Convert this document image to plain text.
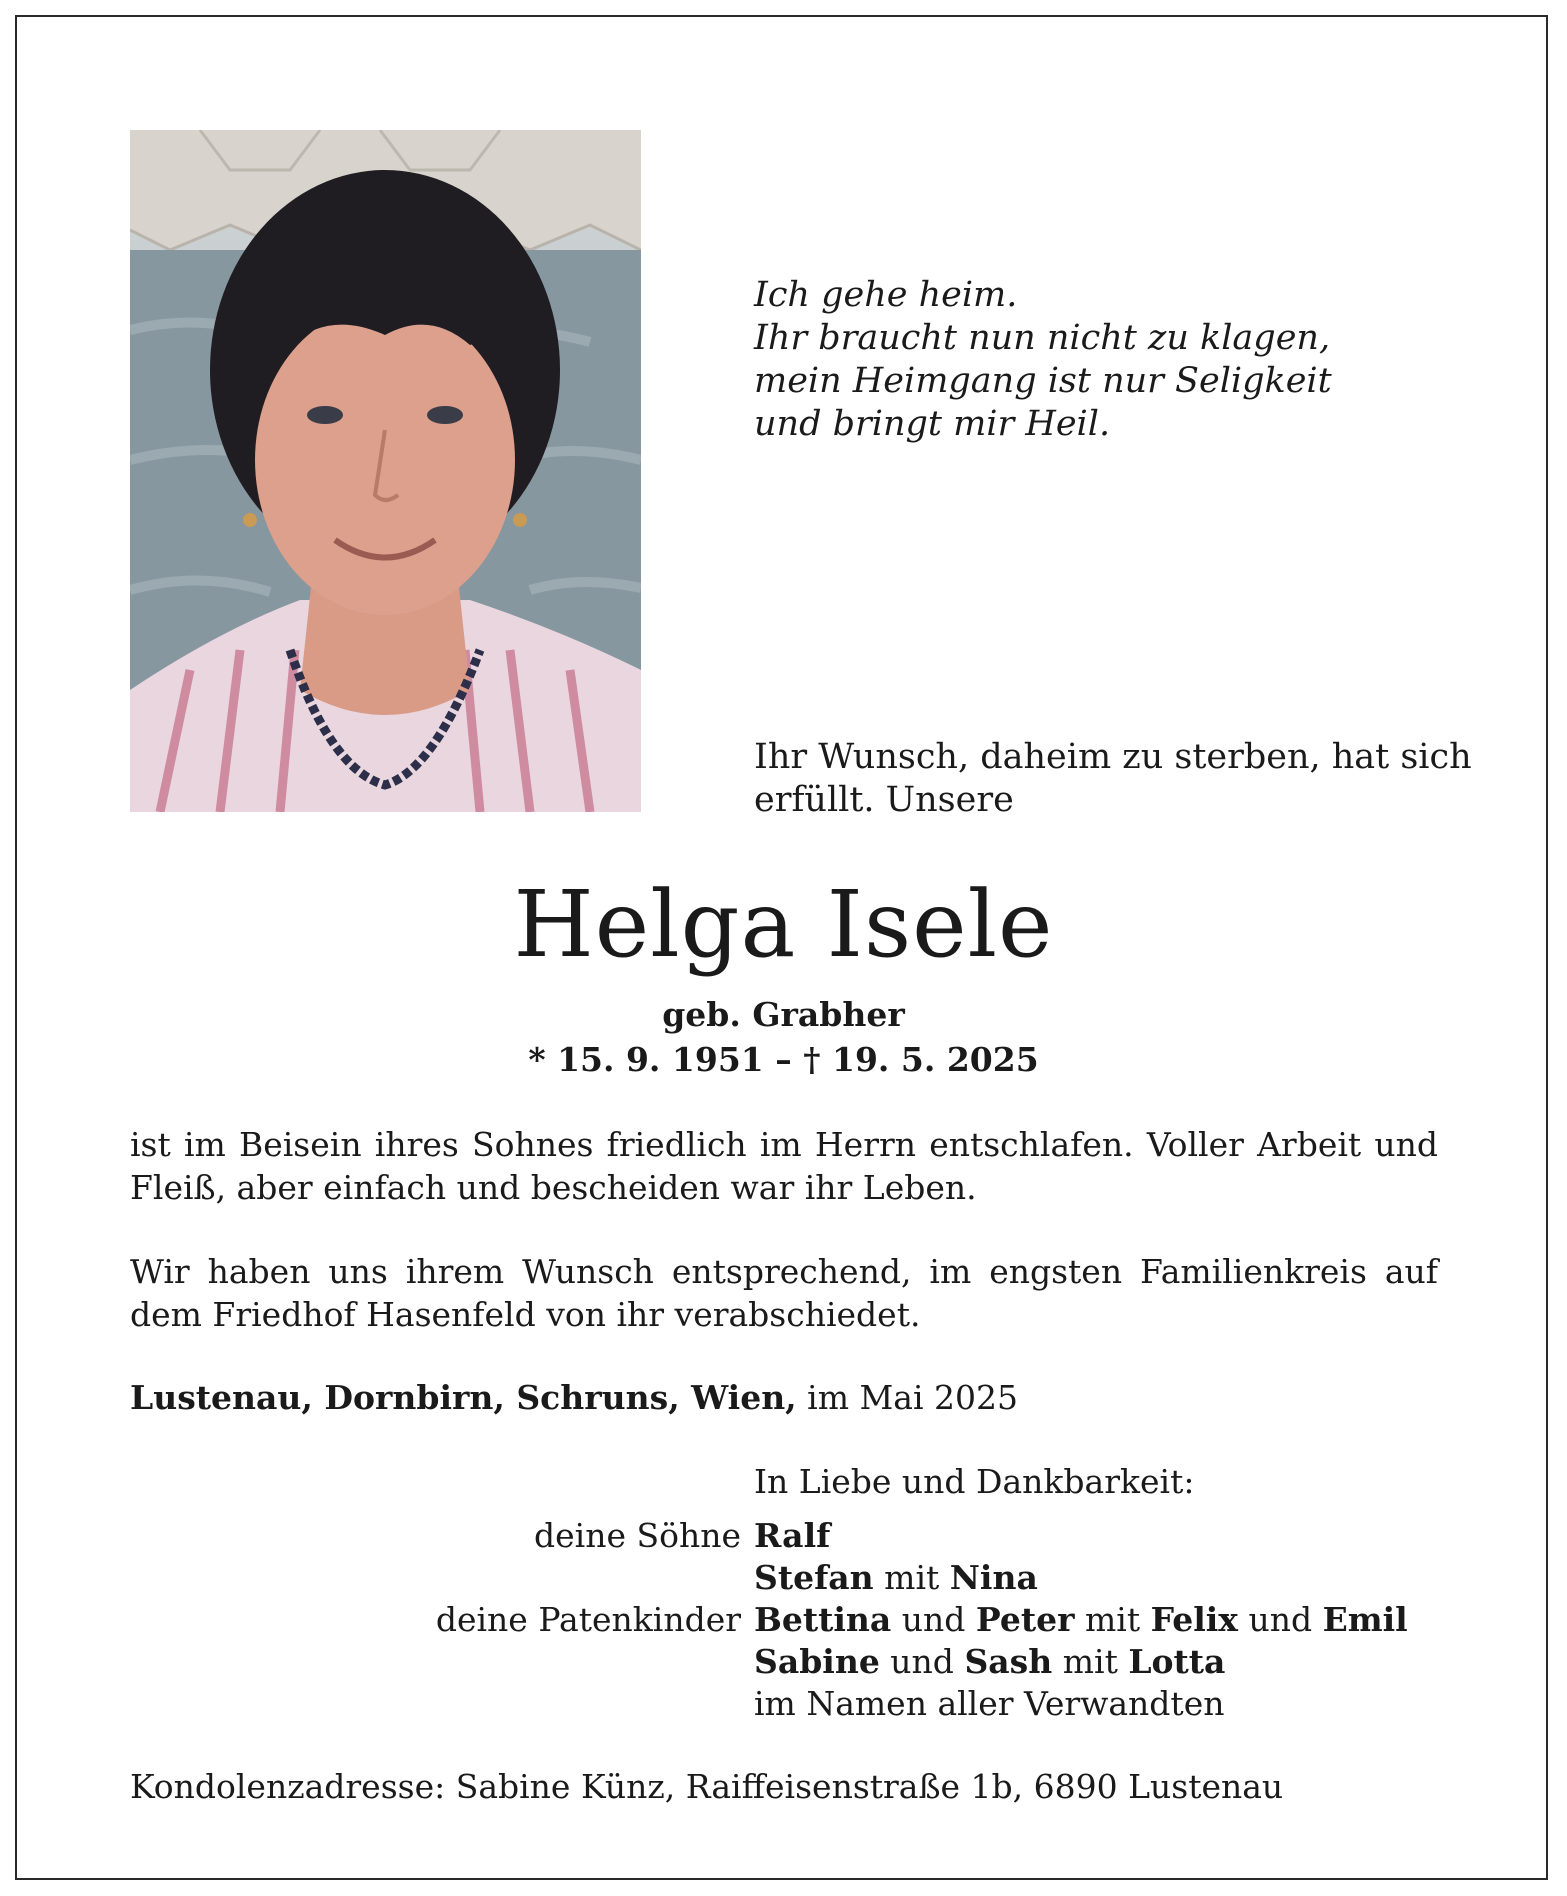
Ich gehe heim.
Ihr braucht nun nicht zu klagen,
mein Heimgang ist nur Seligkeit
und bringt mir Heil.
Ihr Wunsch, daheim zu sterben, hat sich
erfüllt. Unsere
Helga Isele
geb. Grabher
* 15. 9. 1951 – † 19. 5. 2025
ist im Beisein ihres Sohnes friedlich im Herrn entschlafen. Voller Arbeit und Fleiß, aber einfach und bescheiden war ihr Leben.
Wir haben uns ihrem Wunsch entsprechend, im engsten Familienkreis auf dem Friedhof Hasenfeld von ihr verabschiedet.
Lustenau, Dornbirn, Schruns, Wien, im Mai 2025
In Liebe und Dankbarkeit:
deine Söhne Ralf
Stefan mit Nina
deine Patenkinder Bettina und Peter mit Felix und Emil
Sabine und Sash mit Lotta
im Namen aller Verwandten
Kondolenzadresse: Sabine Künz, Raiffeisenstraße 1b, 6890 Lustenau
